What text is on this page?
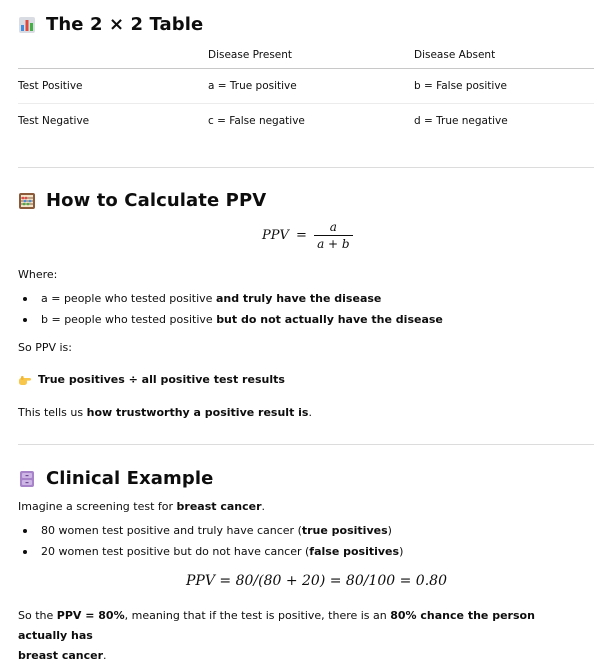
The 2 × 2 Table
	Disease Present	Disease Absent
Test Positive	a = True positive	b = False positive
Test Negative	c = False negative	d = True negative
How to Calculate PPV
PPV = $\frac{a}{a + b}$
Where:
a = people who tested positive and truly have the disease
b = people who tested positive but do not actually have the disease
So PPV is:
True positives ÷ all positive test results
This tells us how trustworthy a positive result is.
Clinical Example
Imagine a screening test for breast cancer.
80 women test positive and truly have cancer (true positives)
20 women test positive but do not have cancer (false positives)
PPV = 80/(80 + 20) = 80/100 = 0.80
So the PPV = 80%, meaning that if the test is positive, there is an 80% chance the person actually has
breast cancer.
